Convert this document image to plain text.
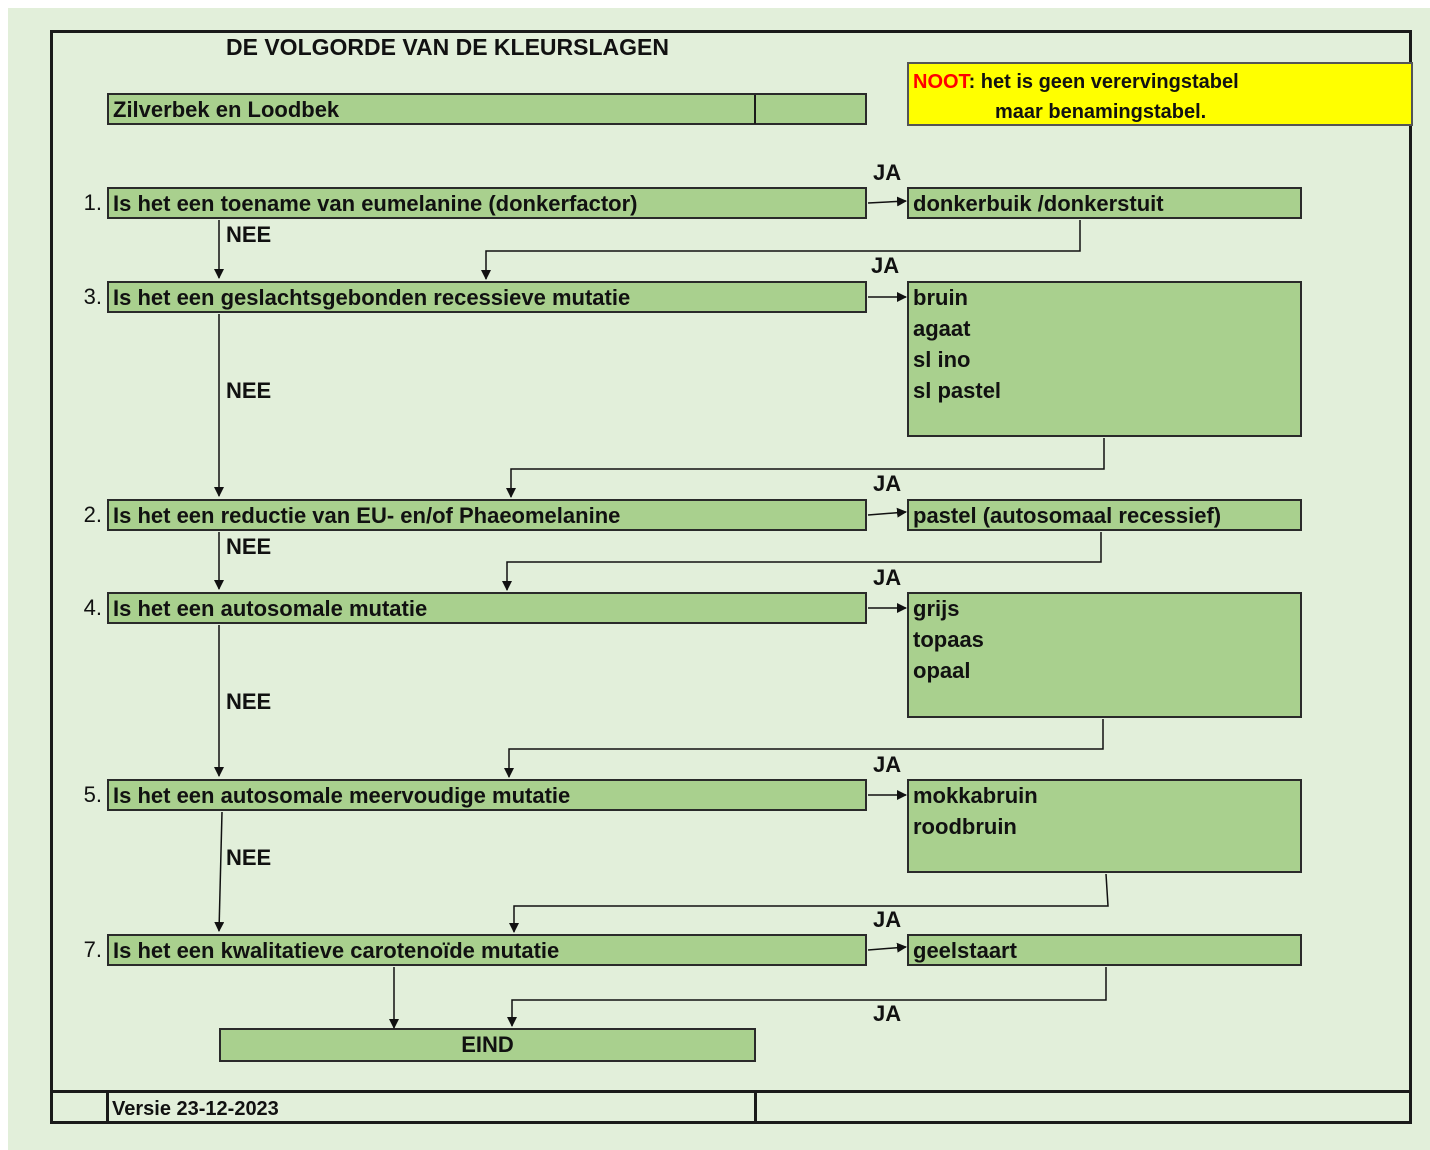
DE VOLGORDE VAN DE KLEURSLAGEN
Zilverbek en Loodbek
NOOT: het is geen verervingstabel
maar benamingstabel.
1. Is het een toename van eumelanine (donkerfactor)	donkerbuik /donkerstuit
3. Is het een geslachtsgebonden recessieve mutatie	bruin
agaat
sl ino
sl pastel
2. Is het een reductie van EU- en/of Phaeomelanine	pastel (autosomaal recessief)
4. Is het een autosomale mutatie	grijs
topaas
opaal
5. Is het een autosomale meervoudige mutatie	mokkabruin
roodbruin
7. Is het een kwalitatieve carotenoïde mutatie	geelstaart
EIND
JA
JA
JA
JA
JA
JA
JA
NEE
NEE
NEE
NEE
NEE
Versie 23-12-2023
